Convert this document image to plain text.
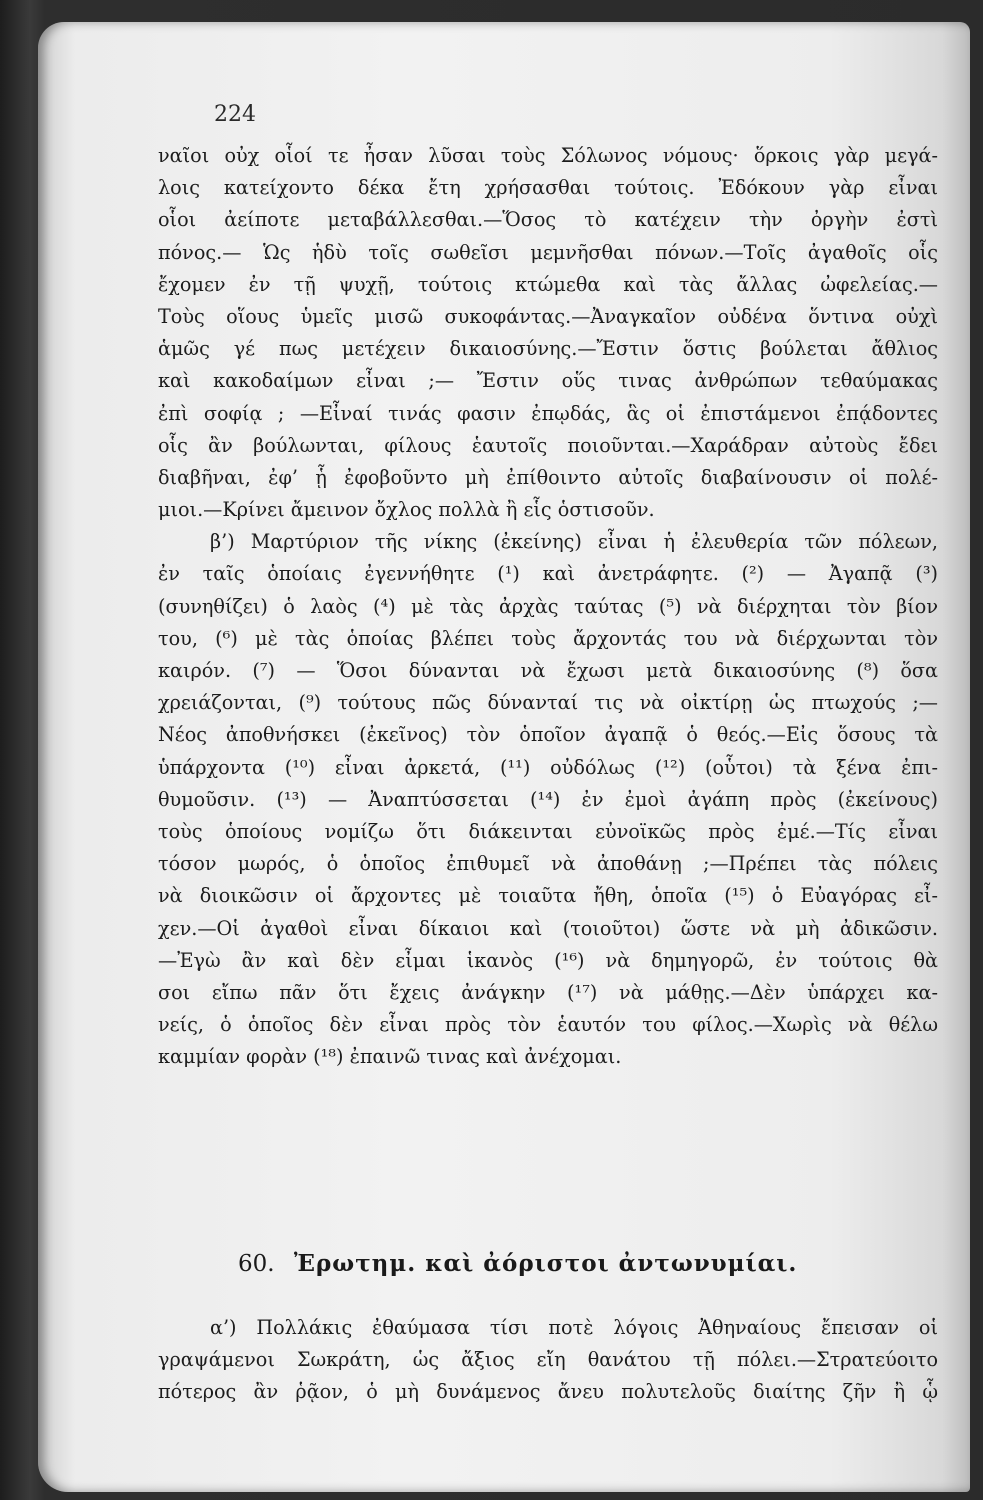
224
ναῖοι οὐχ οἷοί τε ἦσαν λῦσαι τοὺς Σόλωνος νόμους· ὅρκοις γὰρ μεγά-
λοις κατείχοντο δέκα ἔτη χρήσασθαι τούτοις. Ἐδόκουν γὰρ εἶναι
οἷοι ἀείποτε μεταβάλλεσθαι.—Ὅσος τὸ κατέχειν τὴν ὀργὴν ἐστὶ
πόνος.— Ὡς ἡδὺ τοῖς σωθεῖσι μεμνῆσθαι πόνων.—Τοῖς ἀγαθοῖς οἷς
ἔχομεν ἐν τῇ ψυχῇ, τούτοις κτώμεθα καὶ τὰς ἄλλας ὠφελείας.—
Τοὺς οἵους ὑμεῖς μισῶ συκοφάντας.—Ἀναγκαῖον οὐδένα ὅντινα οὐχὶ
ἁμῶς γέ πως μετέχειν δικαιοσύνης.—Ἔστιν ὅστις βούλεται ἄθλιος
καὶ κακοδαίμων εἶναι ;— Ἔστιν οὕς τινας ἀνθρώπων τεθαύμακας
ἐπὶ σοφίᾳ ; —Εἶναί τινάς φασιν ἐπῳδάς, ἃς οἱ ἐπιστάμενοι ἐπᾴδοντες
οἷς ἂν βούλωνται, φίλους ἑαυτοῖς ποιοῦνται.—Χαράδραν αὐτοὺς ἔδει
διαβῆναι, ἐφ’ ᾗ ἐφοβοῦντο μὴ ἐπίθοιντο αὐτοῖς διαβαίνουσιν οἱ πολέ-
μιοι.—Κρίνει ἄμεινον ὄχλος πολλὰ ἢ εἷς ὁστισοῦν.
β’) Μαρτύριον τῆς νίκης (ἐκείνης) εἶναι ἡ ἐλευθερία τῶν πόλεων,
ἐν ταῖς ὁποίαις ἐγεννήθητε (¹) καὶ ἀνετράφητε. (²) — Ἀγαπᾷ (³)
(συνηθίζει) ὁ λαὸς (⁴) μὲ τὰς ἀρχὰς ταύτας (⁵) νὰ διέρχηται τὸν βίον
του, (⁶) μὲ τὰς ὁποίας βλέπει τοὺς ἄρχοντάς του νὰ διέρχωνται τὸν
καιρόν. (⁷) — Ὅσοι δύνανται νὰ ἔχωσι μετὰ δικαιοσύνης (⁸) ὅσα
χρειάζονται, (⁹) τούτους πῶς δύνανταί τις νὰ οἰκτίρῃ ὡς πτωχούς ;—
Νέος ἀποθνήσκει (ἐκεῖνος) τὸν ὁποῖον ἀγαπᾷ ὁ θεός.—Εἰς ὅσους τὰ
ὑπάρχοντα (¹⁰) εἶναι ἀρκετά, (¹¹) οὐδόλως (¹²) (οὗτοι) τὰ ξένα ἐπι-
θυμοῦσιν. (¹³) — Ἀναπτύσσεται (¹⁴) ἐν ἐμοὶ ἀγάπη πρὸς (ἐκείνους)
τοὺς ὁποίους νομίζω ὅτι διάκεινται εὐνοϊκῶς πρὸς ἐμέ.—Τίς εἶναι
τόσον μωρός, ὁ ὁποῖος ἐπιθυμεῖ νὰ ἀποθάνῃ ;—Πρέπει τὰς πόλεις
νὰ διοικῶσιν οἱ ἄρχοντες μὲ τοιαῦτα ἤθη, ὁποῖα (¹⁵) ὁ Εὐαγόρας εἶ-
χεν.—Οἱ ἀγαθοὶ εἶναι δίκαιοι καὶ (τοιοῦτοι) ὥστε νὰ μὴ ἀδικῶσιν.
—Ἐγὼ ἂν καὶ δὲν εἶμαι ἱκανὸς (¹⁶) νὰ δημηγορῶ, ἐν τούτοις θὰ
σοι εἴπω πᾶν ὅτι ἔχεις ἀνάγκην (¹⁷) νὰ μάθῃς.—Δὲν ὑπάρχει κα-
νείς, ὁ ὁποῖος δὲν εἶναι πρὸς τὸν ἑαυτόν του φίλος.—Χωρὶς νὰ θέλω
καμμίαν φορὰν (¹⁸) ἐπαινῶ τινας καὶ ἀνέχομαι.
60. Ἐρωτημ. καὶ ἀόριστοι ἀντωνυμίαι.
α’) Πολλάκις ἐθαύμασα τίσι ποτὲ λόγοις Ἀθηναίους ἔπεισαν οἱ
γραψάμενοι Σωκράτη, ὡς ἄξιος εἴη θανάτου τῇ πόλει.—Στρατεύοιτο
πότερος ἂν ῥᾷον, ὁ μὴ δυνάμενος ἄνευ πολυτελοῦς διαίτης ζῆν ἢ ᾧ
